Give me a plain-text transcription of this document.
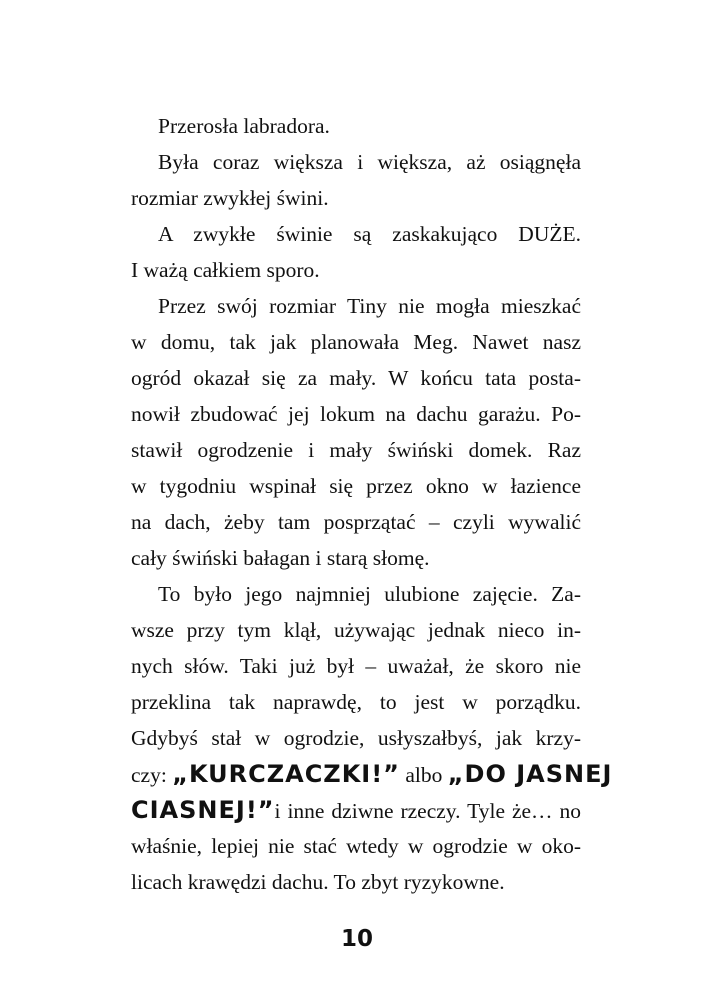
Przerosła labradora.
Była coraz większa i większa, aż osiągnęła
rozmiar zwykłej świni.
A zwykłe świnie są zaskakująco DUŻE.
I ważą całkiem sporo.
Przez swój rozmiar Tiny nie mogła mieszkać
w domu, tak jak planowała Meg. Nawet nasz
ogród okazał się za mały. W końcu tata posta-
nowił zbudować jej lokum na dachu garażu. Po-
stawił ogrodzenie i mały świński domek. Raz
w tygodniu wspinał się przez okno w łazience
na dach, żeby tam posprzątać – czyli wywalić
cały świński bałagan i starą słomę.
To było jego najmniej ulubione zajęcie. Za-
wsze przy tym klął, używając jednak nieco in-
nych słów. Taki już był – uważał, że skoro nie
przeklina tak naprawdę, to jest w porządku.
Gdybyś stał w ogrodzie, usłyszałbyś, jak krzy-
czy: „KURCZACZKI!” albo „DO JASNEJ
CIASNEJ!”i inne dziwne rzeczy. Tyle że… no
właśnie, lepiej nie stać wtedy w ogrodzie w oko-
licach krawędzi dachu. To zbyt ryzykowne.
10
